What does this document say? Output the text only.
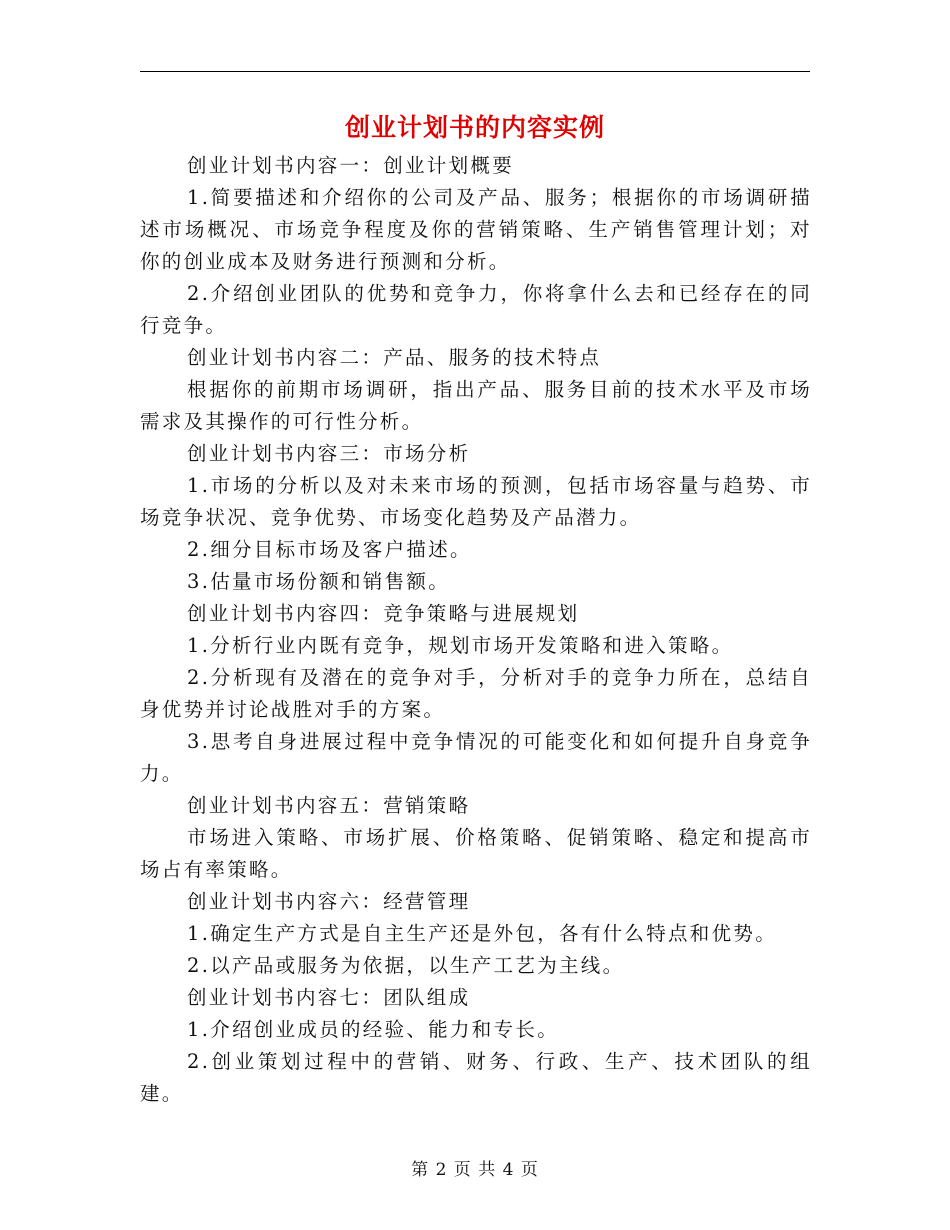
创业计划书的内容实例

创业计划书内容一：创业计划概要

1.简要描述和介绍你的公司及产品、服务；根据你的市场调研描述市场概况、市场竞争程度及你的营销策略、生产销售管理计划；对你的创业成本及财务进行预测和分析。

2.介绍创业团队的优势和竞争力，你将拿什么去和已经存在的同行竞争。

创业计划书内容二：产品、服务的技术特点

根据你的前期市场调研，指出产品、服务目前的技术水平及市场需求及其操作的可行性分析。

创业计划书内容三：市场分析

1.市场的分析以及对未来市场的预测，包括市场容量与趋势、市场竞争状况、竞争优势、市场变化趋势及产品潜力。

2.细分目标市场及客户描述。

3.估量市场份额和销售额。

创业计划书内容四：竞争策略与进展规划

1.分析行业内既有竞争，规划市场开发策略和进入策略。

2.分析现有及潜在的竞争对手，分析对手的竞争力所在，总结自身优势并讨论战胜对手的方案。

3.思考自身进展过程中竞争情况的可能变化和如何提升自身竞争力。

创业计划书内容五：营销策略

市场进入策略、市场扩展、价格策略、促销策略、稳定和提高市场占有率策略。

创业计划书内容六：经营管理

1.确定生产方式是自主生产还是外包，各有什么特点和优势。

2.以产品或服务为依据，以生产工艺为主线。

创业计划书内容七：团队组成

1.介绍创业成员的经验、能力和专长。

2.创业策划过程中的营销、财务、行政、生产、技术团队的组建。

第 2 页 共 4 页
